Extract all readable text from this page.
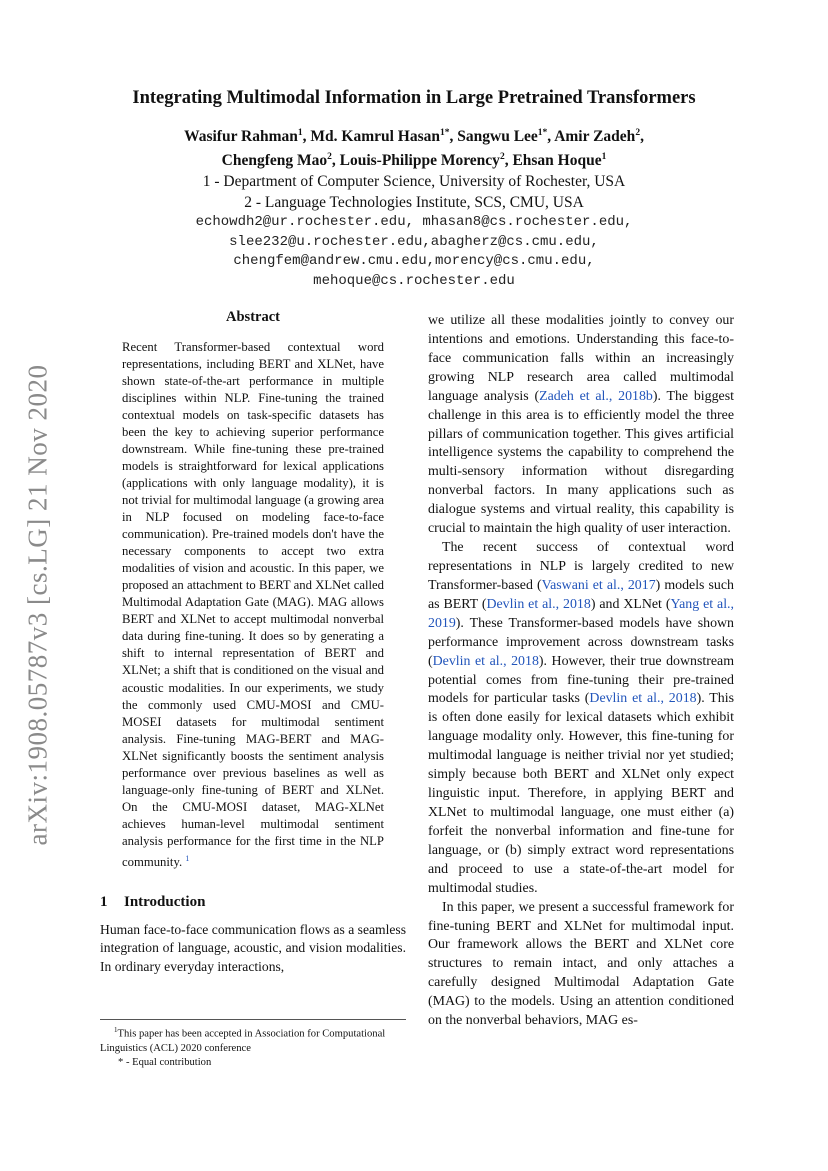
arXiv:1908.05787v3 [cs.LG] 21 Nov 2020
Integrating Multimodal Information in Large Pretrained Transformers
Wasifur Rahman$^1$, Md. Kamrul Hasan$^{1*}$, Sangwu Lee$^{1*}$, Amir Zadeh$^2$,
Chengfeng Mao$^2$, Louis-Philippe Morency$^2$, Ehsan Hoque$^1$
1 - Department of Computer Science, University of Rochester, USA
2 - Language Technologies Institute, SCS, CMU, USA
echowdh2@ur.rochester.edu, mhasan8@cs.rochester.edu,
slee232@u.rochester.edu,abagherz@cs.cmu.edu,
chengfem@andrew.cmu.edu,morency@cs.cmu.edu,
mehoque@cs.rochester.edu
Abstract
Recent Transformer-based contextual word representations, including BERT and XLNet, have shown state-of-the-art performance in multiple disciplines within NLP. Fine-tuning the trained contextual models on task-specific datasets has been the key to achieving superior performance downstream. While fine-tuning these pre-trained models is straightforward for lexical applications (applications with only language modality), it is not trivial for multimodal language (a growing area in NLP focused on modeling face-to-face communication). Pre-trained models don't have the necessary components to accept two extra modalities of vision and acoustic. In this paper, we proposed an attachment to BERT and XLNet called Multimodal Adaptation Gate (MAG). MAG allows BERT and XLNet to accept multimodal nonverbal data during fine-tuning. It does so by generating a shift to internal representation of BERT and XLNet; a shift that is conditioned on the visual and acoustic modalities. In our experiments, we study the commonly used CMU-MOSI and CMU-MOSEI datasets for multimodal sentiment analysis. Fine-tuning MAG-BERT and MAG-XLNet significantly boosts the sentiment analysis performance over previous baselines as well as language-only fine-tuning of BERT and XLNet. On the CMU-MOSI dataset, MAG-XLNet achieves human-level multimodal sentiment analysis performance for the first time in the NLP community. $^1$
1 Introduction

Human face-to-face communication flows as a seamless integration of language, acoustic, and vision modalities. In ordinary everyday interactions,

$^1$This paper has been accepted in Association for Computational Linguistics (ACL) 2020 conference

* - Equal contribution

we utilize all these modalities jointly to convey our intentions and emotions. Understanding this face-to-face communication falls within an increasingly growing NLP research area called multimodal language analysis (Zadeh et al., 2018b). The biggest challenge in this area is to efficiently model the three pillars of communication together. This gives artificial intelligence systems the capability to comprehend the multi-sensory information without disregarding nonverbal factors. In many applications such as dialogue systems and virtual reality, this capability is crucial to maintain the high quality of user interaction.

The recent success of contextual word representations in NLP is largely credited to new Transformer-based (Vaswani et al., 2017) models such as BERT (Devlin et al., 2018) and XLNet (Yang et al., 2019). These Transformer-based models have shown performance improvement across downstream tasks (Devlin et al., 2018). However, their true downstream potential comes from fine-tuning their pre-trained models for particular tasks (Devlin et al., 2018). This is often done easily for lexical datasets which exhibit language modality only. However, this fine-tuning for multimodal language is neither trivial nor yet studied; simply because both BERT and XLNet only expect linguistic input. Therefore, in applying BERT and XLNet to multimodal language, one must either (a) forfeit the nonverbal information and fine-tune for language, or (b) simply extract word representations and proceed to use a state-of-the-art model for multimodal studies.

In this paper, we present a successful framework for fine-tuning BERT and XLNet for multimodal input. Our framework allows the BERT and XLNet core structures to remain intact, and only attaches a carefully designed Multimodal Adaptation Gate (MAG) to the models. Using an attention conditioned on the nonverbal behaviors, MAG es-
